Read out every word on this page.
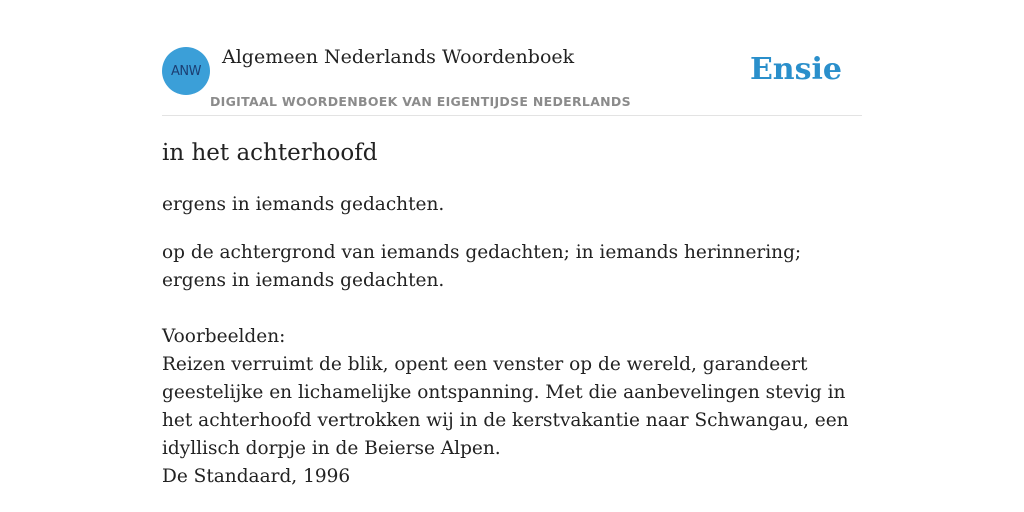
ANW
Algemeen Nederlands Woordenboek
DIGITAAL WOORDENBOEK VAN EIGENTIJDSE NEDERLANDS
Ensie
in het achterhoofd

ergens in iemands gedachten.

op de achtergrond van iemands gedachten; in iemands herinnering; ergens in iemands gedachten.

Voorbeelden:

Reizen verruimt de blik, opent een venster op de wereld, garandeert geestelijke en lichamelijke ontspanning. Met die aanbevelingen stevig in het achterhoofd vertrokken wij in de kerstvakantie naar Schwangau, een idyllisch dorpje in de Beierse Alpen.

De Standaard, 1996
